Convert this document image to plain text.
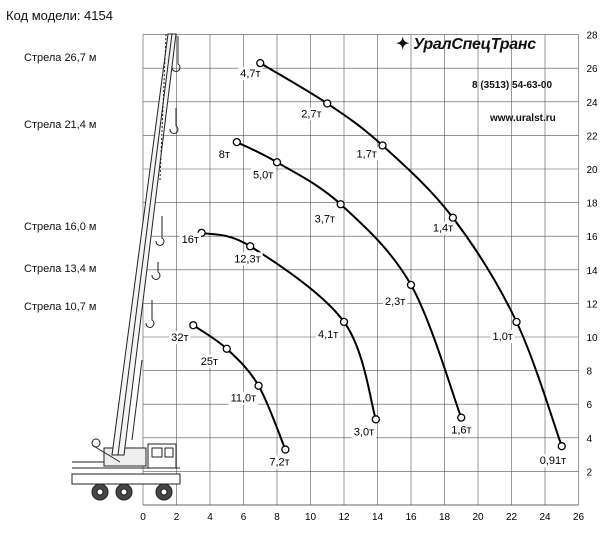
Код модели: 4154
Стрела 26,7 м
Стрела 21,4 м
Стрела 16,0 м
Стрела 13,4 м
Стрела 10,7 м
0	2	4	6	8	10 12 14 16 18 20 22 24 26
2
4
6
8
10
12
14
16
18
20
22
24
26
28
4,7т
2,7т
1,7т
1,4т
1,0т
0,91т
8т
5,0т
3,7т
2,3т
1,6т
16т
12,3т
4,1т
3,0т
32т
25т
11,0т
7,2т
✦ УралСпецТранс
8 (3513) 54-63-00
www.uralst.ru
